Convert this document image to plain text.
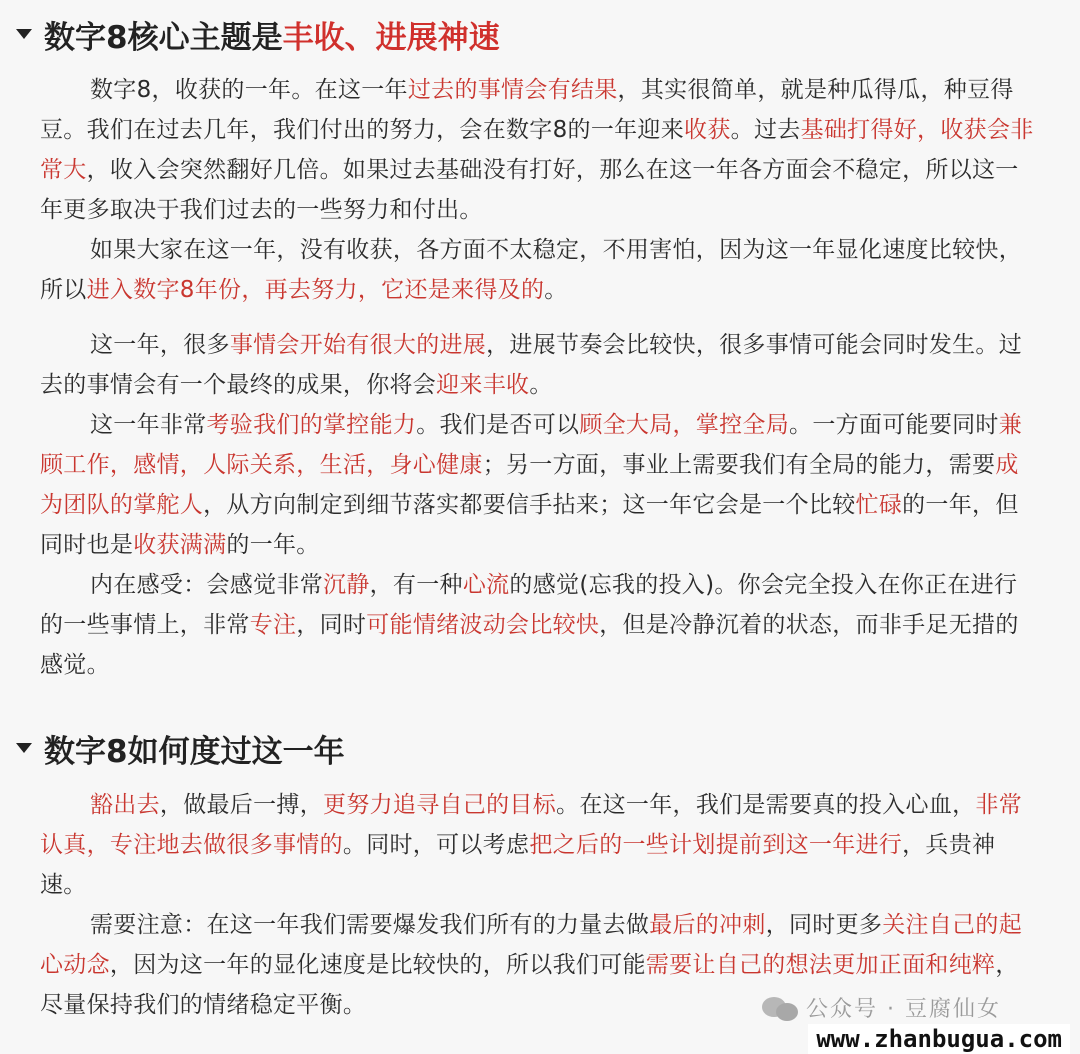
数字8核心主题是 丰收、进展神速

数字8，收获的一年。在这一年过去的事情会有结果，其实很简单，就是种瓜得瓜，种豆得豆。我们在过去几年，我们付出的努力，会在数字8的一年迎来收获。过去基础打得好，收获会非常大，收入会突然翻好几倍。如果过去基础没有打好，那么在这一年各方面会不稳定，所以这一年更多取决于我们过去的一些努力和付出。

如果大家在这一年，没有收获，各方面不太稳定，不用害怕，因为这一年显化速度比较快，所以进入数字8年份，再去努力，它还是来得及的。

这一年，很多事情会开始有很大的进展，进展节奏会比较快，很多事情可能会同时发生。过去的事情会有一个最终的成果，你将会迎来丰收。

这一年非常考验我们的掌控能力。我们是否可以顾全大局，掌控全局。一方面可能要同时兼顾工作，感情，人际关系，生活，身心健康；另一方面，事业上需要我们有全局的能力，需要成为团队的掌舵人，从方向制定到细节落实都要信手拈来；这一年它会是一个比较忙碌的一年，但同时也是收获满满的一年。

内在感受：会感觉非常沉静，有一种心流的感觉(忘我的投入)。你会完全投入在你正在进行的一些事情上，非常专注，同时可能情绪波动会比较快，但是冷静沉着的状态，而非手足无措的感觉。

数字8如何度过这一年

豁出去，做最后一搏，更努力追寻自己的目标。在这一年，我们是需要真的投入心血，非常认真，专注地去做很多事情的。同时，可以考虑把之后的一些计划提前到这一年进行，兵贵神速。

需要注意：在这一年我们需要爆发我们所有的力量去做最后的冲刺，同时更多关注自己的起心动念，因为这一年的显化速度是比较快的，所以我们可能需要让自己的想法更加正面和纯粹，尽量保持我们的情绪稳定平衡。	公众号 · 豆腐仙女
www.zhanbugua.com
